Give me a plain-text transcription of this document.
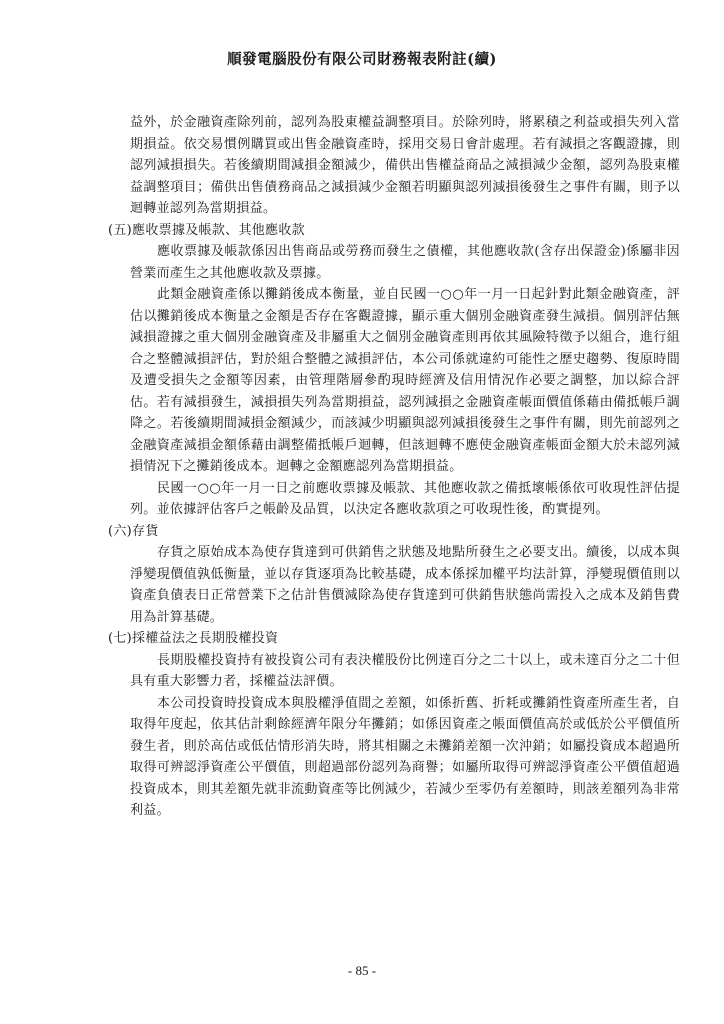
順發電腦股份有限公司財務報表附註(續)

益外，於金融資產除列前，認列為股東權益調整項目。於除列時，將累積之利益或損失列入當期損益。依交易慣例購買或出售金融資產時，採用交易日會計處理。若有減損之客觀證據，則認列減損損失。若後續期間減損金額減少，備供出售權益商品之減損減少金額，認列為股東權益調整項目；備供出售債務商品之減損減少金額若明顯與認列減損後發生之事件有關，則予以迴轉並認列為當期損益。

(五)應收票據及帳款、其他應收款

應收票據及帳款係因出售商品或勞務而發生之債權，其他應收款(含存出保證金)係屬非因營業而產生之其他應收款及票據。

此類金融資產係以攤銷後成本衡量，並自民國一○○年一月一日起針對此類金融資產，評估以攤銷後成本衡量之金額是否存在客觀證據，顯示重大個別金融資產發生減損。個別評估無減損證據之重大個別金融資產及非屬重大之個別金融資產則再依其風險特徵予以組合，進行組合之整體減損評估，對於組合整體之減損評估，本公司係就違約可能性之歷史趨勢、復原時間及遭受損失之金額等因素，由管理階層參酌現時經濟及信用情況作必要之調整，加以綜合評估。若有減損發生，減損損失列為當期損益，認列減損之金融資產帳面價值係藉由備抵帳戶調降之。若後續期間減損金額減少，而該減少明顯與認列減損後發生之事件有關，則先前認列之金融資產減損金額係藉由調整備抵帳戶迴轉，但該迴轉不應使金融資產帳面金額大於未認列減損情況下之攤銷後成本。迴轉之金額應認列為當期損益。

民國一○○年一月一日之前應收票據及帳款、其他應收款之備抵壞帳係依可收現性評估提列。並依據評估客戶之帳齡及品質，以決定各應收款項之可收現性後，酌實提列。

(六)存貨

存貨之原始成本為使存貨達到可供銷售之狀態及地點所發生之必要支出。續後，以成本與淨變現價值孰低衡量，並以存貨逐項為比較基礎，成本係採加權平均法計算，淨變現價值則以資產負債表日正常營業下之估計售價減除為使存貨達到可供銷售狀態尚需投入之成本及銷售費用為計算基礎。

(七)採權益法之長期股權投資

長期股權投資持有被投資公司有表決權股份比例達百分之二十以上，或未達百分之二十但具有重大影響力者，採權益法評價。

本公司投資時投資成本與股權淨值間之差額，如係折舊、折耗或攤銷性資產所產生者，自取得年度起，依其估計剩餘經濟年限分年攤銷；如係因資產之帳面價值高於或低於公平價值所發生者，則於高估或低估情形消失時，將其相關之未攤銷差額一次沖銷；如屬投資成本超過所取得可辨認淨資產公平價值，則超過部份認列為商譽；如屬所取得可辨認淨資產公平價值超過投資成本，則其差額先就非流動資產等比例減少，若減少至零仍有差額時，則該差額列為非常利益。

- 85 -
